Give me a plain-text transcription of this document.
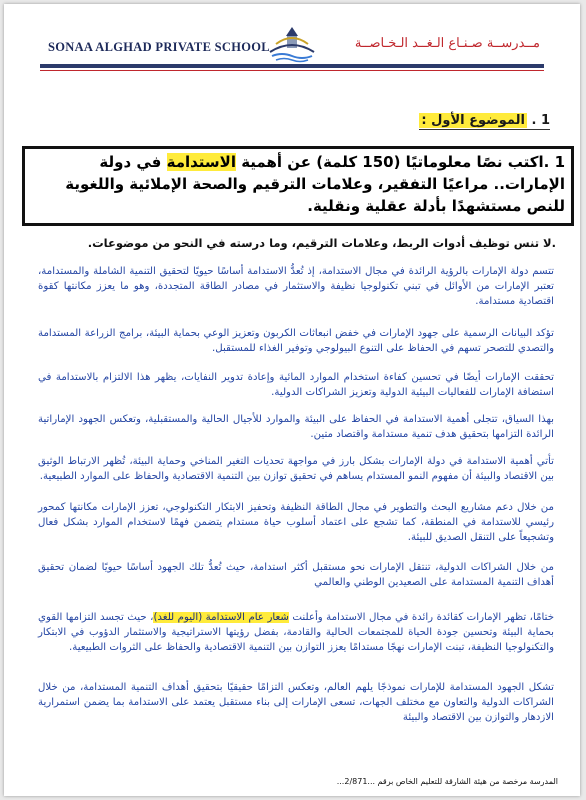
SONAA ALGHAD PRIVATE SCHOOL	مــدرســة صـنـاع الـغــد الـخـاصــة
1 . الموضوع الأول :
1 .اكتب نصًا معلوماتيًا (150 كلمة) عن أهمية الاستدامة في دولة الإمارات.. مراعيًا التفقير، وعلامات الترقيم والصحة الإملائية واللغوية للنص مستشهدًا بأدلة عقلية ونقلية.
.لا تنس توظيف أدوات الربط، وعلامات الترقيم، وما درسته في النحو من موضوعات.
تتسم دولة الإمارات بالرؤية الرائدة في مجال الاستدامة، إذ تُعدُّ الاستدامة أساسًا حيويًا لتحقيق التنمية الشاملة والمستدامة، تعتبر الإمارات من الأوائل في تبني تكنولوجيا نظيفة والاستثمار في مصادر الطاقة المتجددة، وهو ما يعزز مكانتها كقوة اقتصادية مستدامة.
تؤكد البيانات الرسمية على جهود الإمارات في خفض انبعاثات الكربون وتعزيز الوعي بحماية البيئة، برامج الزراعة المستدامة والتصدي للتصحر تسهم في الحفاظ على التنوع البيولوجي وتوفير الغذاء للمستقبل.
تحققت الإمارات أيضًا في تحسين كفاءة استخدام الموارد المائية وإعادة تدوير النفايات، يظهر هذا الالتزام بالاستدامة في استضافة الإمارات للفعاليات البيئية الدولية وتعزيز الشراكات الدولية.
بهذا السياق، تتجلى أهمية الاستدامة في الحفاظ على البيئة والموارد للأجيال الحالية والمستقبلية، وتعكس الجهود الإماراتية الرائدة التزامها بتحقيق هدف تنمية مستدامة واقتصاد متين.
تأتي أهمية الاستدامة في دولة الإمارات بشكل بارز في مواجهة تحديات التغير المناخي وحماية البيئة، تُظهر الارتباط الوثيق بين الاقتصاد والبيئة أن مفهوم النمو المستدام يساهم في تحقيق توازن بين التنمية الاقتصادية والحفاظ على الموارد الطبيعية.
من خلال دعم مشاريع البحث والتطوير في مجال الطاقة النظيفة وتحفيز الابتكار التكنولوجي، تعزز الإمارات مكانتها كمحور رئيسي للاستدامة في المنطقة، كما تشجع على اعتماد أسلوب حياة مستدام يتضمن فهمًا لاستخدام الموارد بشكل فعال وتشجيعاً على التنقل الصديق للبيئة.
من خلال الشراكات الدولية، تنتقل الإمارات نحو مستقبل أكثر استدامة، حيث تُعدُّ تلك الجهود أساسًا حيويًا لضمان تحقيق أهداف التنمية المستدامة على الصعيدين الوطني والعالمي
ختامًا، تظهر الإمارات كقائدة رائدة في مجال الاستدامة وأعلنت شعار عام الاستدامة (اليوم للغد)، حيث تجسد التزامها القوي بحماية البيئة وتحسين جودة الحياة للمجتمعات الحالية والقادمة، بفضل رؤيتها الاستراتيجية والاستثمار الدؤوب في الابتكار والتكنولوجيا النظيفة، تبنت الإمارات نهجًا مستدامًا يعزز التوازن بين التنمية الاقتصادية والحفاظ على الثروات الطبيعية.
تشكل الجهود المستدامة للإمارات نموذجًا يلهم العالم، وتعكس التزامًا حقيقيًا بتحقيق أهداف التنمية المستدامة، من خلال الشراكات الدولية والتعاون مع مختلف الجهات، تسعى الإمارات إلى بناء مستقبل يعتمد على الاستدامة بما يضمن استمرارية الازدهار والتوازن بين الاقتصاد والبيئة
المدرسة مرخصة من هيئة الشارقة للتعليم الخاص برقم ...2/871...
